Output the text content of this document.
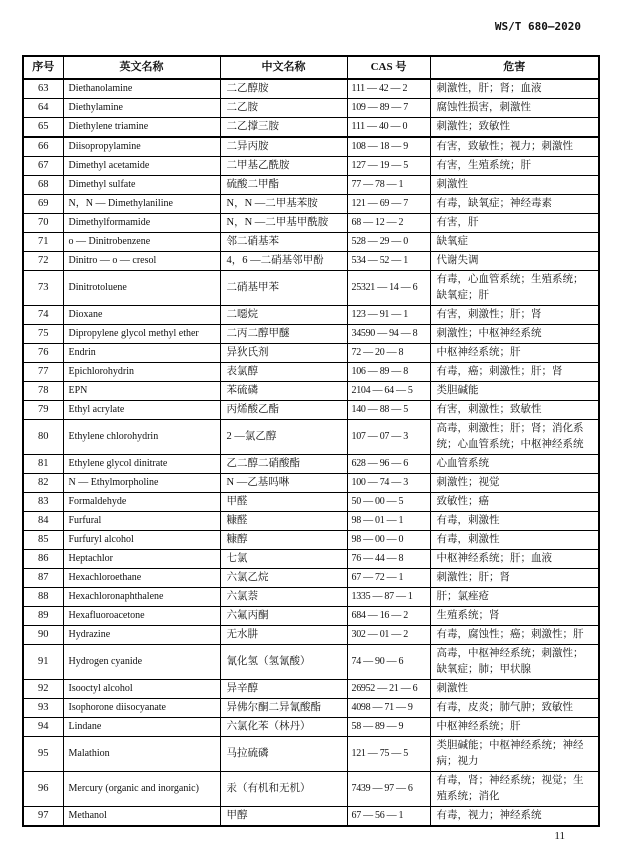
WS/T 680—2020
序号	英文名称	中文名称	CAS 号	危害
63	Diethanolamine	二乙醇胺	111 — 42 — 2	刺激性，肝；肾；血液
64	Diethylamine	二乙胺	109 — 89 — 7	腐蚀性损害，刺激性
65	Diethylene triamine	二乙撑三胺	111 — 40 — 0	刺激性；致敏性
66	Diisopropylamine	二异丙胺	108 — 18 — 9	有害，致敏性；视力；刺激性
67	Dimethyl acetamide	二甲基乙酰胺	127 — 19 — 5	有害，生殖系统；肝
68	Dimethyl sulfate	硫酸二甲酯	77 — 78 — 1	刺激性
69	N，N — Dimethylaniline	N，N —二甲基苯胺	121 — 69 — 7	有毒，缺氧症；神经毒素
70	Dimethylformamide	N，N —二甲基甲酰胺	68 — 12 — 2	有害，肝
71	o — Dinitrobenzene	邻二硝基苯	528 — 29 — 0	缺氧症
72	Dinitro — o — cresol	4，6 —二硝基邻甲酚	534 — 52 — 1	代谢失调
73	Dinitrotoluene	二硝基甲苯	25321 — 14 — 6	有毒，心血管系统；生殖系统；缺氧症；肝
74	Dioxane	二噁烷	123 — 91 — 1	有害，刺激性；肝；肾
75	Dipropylene glycol methyl ether	二丙二醇甲醚	34590 — 94 — 8	刺激性；中枢神经系统
76	Endrin	异狄氏剂	72 — 20 — 8	中枢神经系统；肝
77	Epichlorohydrin	表氯醇	106 — 89 — 8	有毒，癌；刺激性；肝；肾
78	EPN	苯硫磷	2104 — 64 — 5	类胆碱能
79	Ethyl acrylate	丙烯酸乙酯	140 — 88 — 5	有害，刺激性；致敏性
80	Ethylene chlorohydrin	2 —氯乙醇	107 — 07 — 3	高毒，刺激性；肝；肾；消化系统；心血管系统；中枢神经系统
81	Ethylene glycol dinitrate	乙二醇二硝酸酯	628 — 96 — 6	心血管系统
82	N — Ethylmorpholine	N —乙基吗啉	100 — 74 — 3	刺激性；视觉
83	Formaldehyde	甲醛	50 — 00 — 5	致敏性；癌
84	Furfural	糠醛	98 — 01 — 1	有毒，刺激性
85	Furfuryl alcohol	糠醇	98 — 00 — 0	有毒，刺激性
86	Heptachlor	七氯	76 — 44 — 8	中枢神经系统；肝；血液
87	Hexachloroethane	六氯乙烷	67 — 72 — 1	刺激性；肝；肾
88	Hexachloronaphthalene	六氯萘	1335 — 87 — 1	肝；氯痤疮
89	Hexafluoroacetone	六氟丙酮	684 — 16 — 2	生殖系统；肾
90	Hydrazine	无水肼	302 — 01 — 2	有毒，腐蚀性；癌；刺激性；肝
91	Hydrogen cyanide	氰化氢（氢氰酸）	74 — 90 — 6	高毒，中枢神经系统；刺激性；缺氧症；肺；甲状腺
92	Isooctyl alcohol	异辛醇	26952 — 21 — 6	刺激性
93	Isophorone diisocyanate	异佛尔酮二异氰酸酯	4098 — 71 — 9	有毒，皮炎；肺气肿；致敏性
94	Lindane	六氯化苯（林丹）	58 — 89 — 9	中枢神经系统；肝
95	Malathion	马拉硫磷	121 — 75 — 5	类胆碱能；中枢神经系统；神经病；视力
96	Mercury (organic and inorganic)	汞（有机和无机）	7439 — 97 — 6	有毒，肾；神经系统；视觉；生殖系统；消化
97	Methanol	甲醇	67 — 56 — 1	有毒，视力；神经系统
11
